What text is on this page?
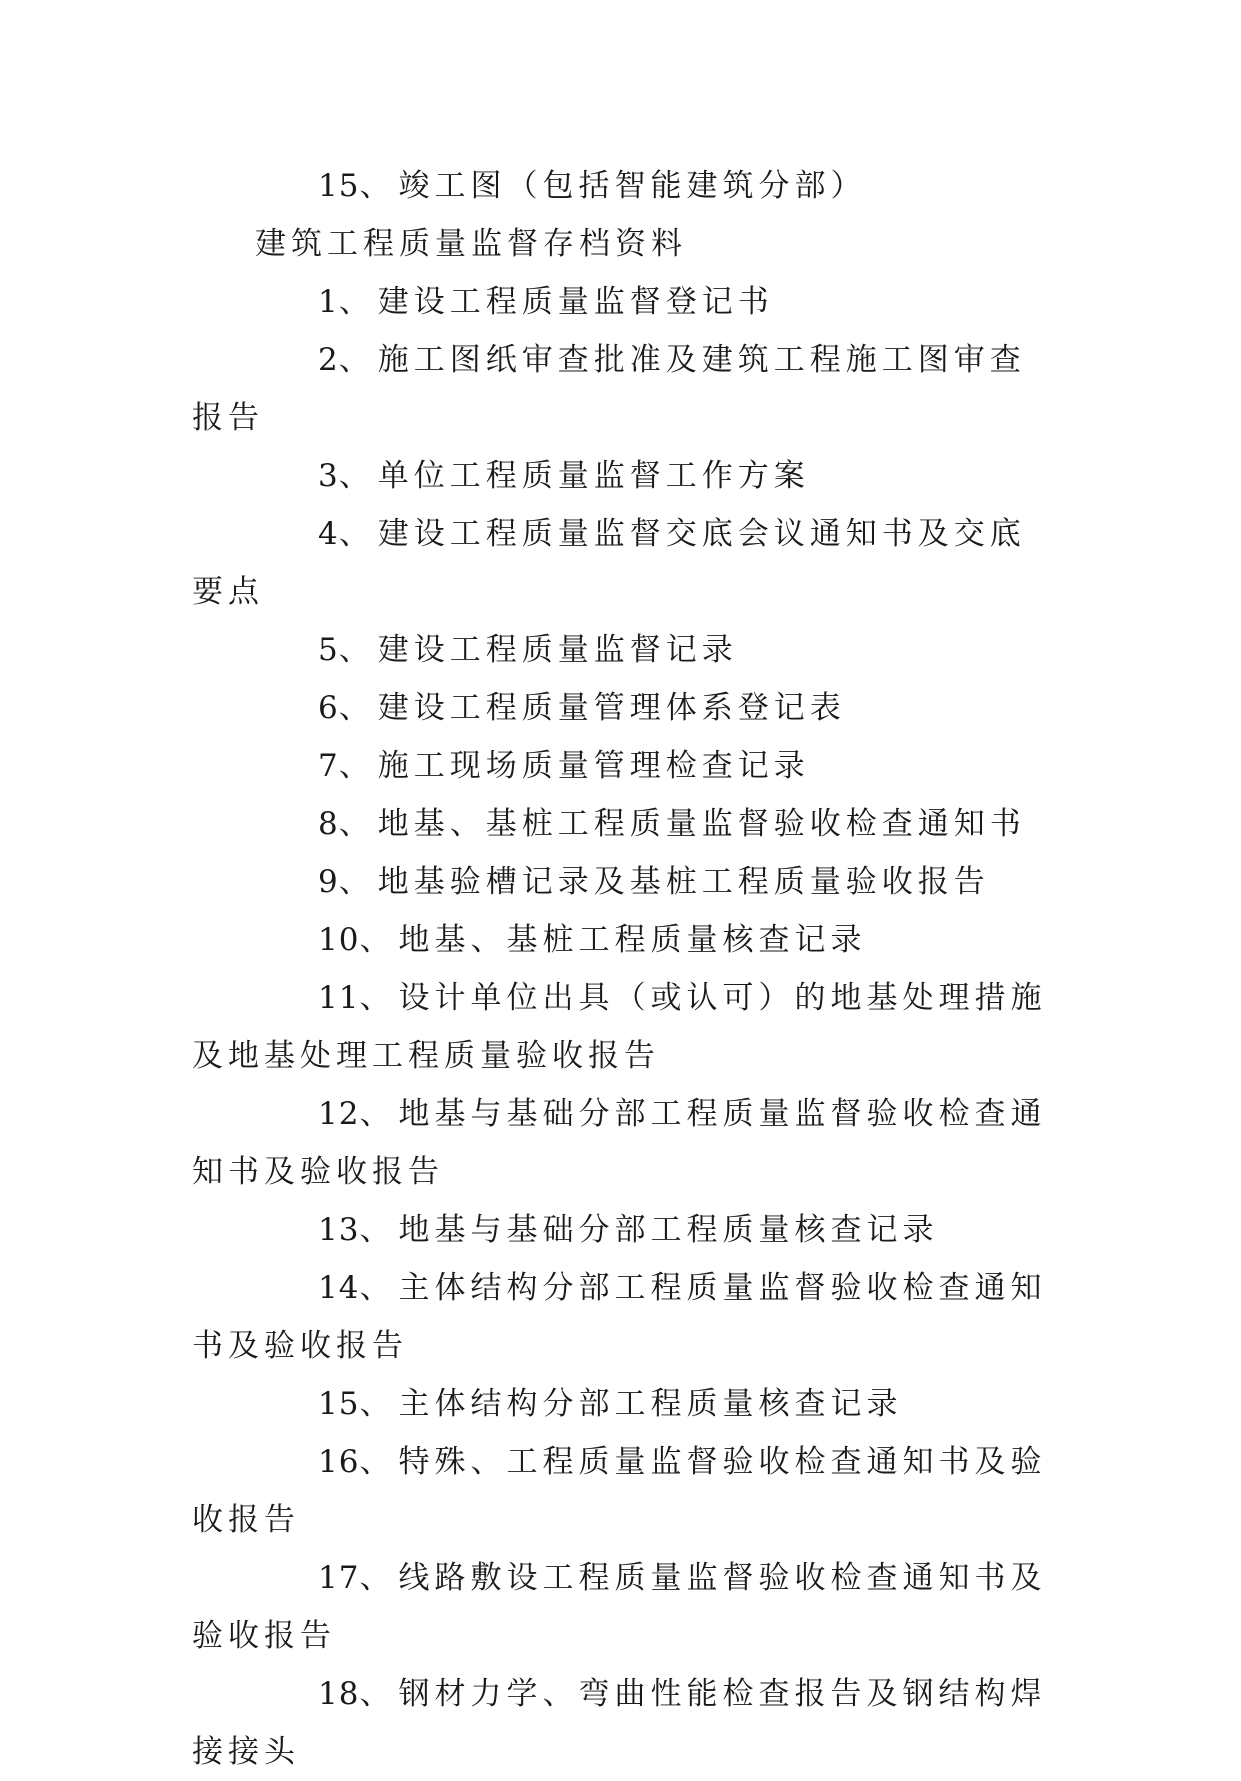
15、 竣工图（包括智能建筑分部）

建筑工程质量监督存档资料

1、 建设工程质量监督登记书

2、 施工图纸审查批准及建筑工程施工图审查报告

3、 单位工程质量监督工作方案

4、 建设工程质量监督交底会议通知书及交底要点

5、 建设工程质量监督记录

6、 建设工程质量管理体系登记表

7、 施工现场质量管理检查记录

8、 地基、基桩工程质量监督验收检查通知书

9、 地基验槽记录及基桩工程质量验收报告

10、 地基、基桩工程质量核查记录

11、 设计单位出具（或认可）的地基处理措施及地基处理工程质量验收报告

12、 地基与基础分部工程质量监督验收检查通知书及验收报告

13、 地基与基础分部工程质量核查记录

14、 主体结构分部工程质量监督验收检查通知书及验收报告

15、 主体结构分部工程质量核查记录

16、 特殊、工程质量监督验收检查通知书及验收报告

17、 线路敷设工程质量监督验收检查通知书及验收报告

18、 钢材力学、弯曲性能检查报告及钢结构焊接接头
